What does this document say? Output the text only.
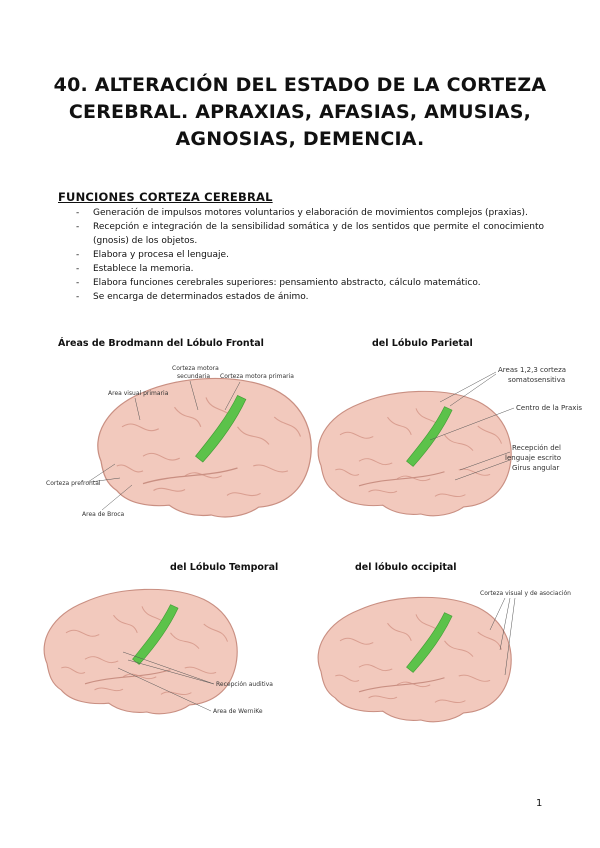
40. ALTERACIÓN DEL ESTADO DE LA CORTEZA
CEREBRAL. APRAXIAS, AFASIAS, AMUSIAS,
AGNOSIAS, DEMENCIA.
FUNCIONES CORTEZA CEREBRAL
- Generación de impulsos motores voluntarios y elaboración de movimientos complejos (praxias).
- Recepción e integración de la sensibilidad somática y de los sentidos que permite el conocimiento (gnosis) de los objetos.
- Elabora y procesa el lenguaje.
- Establece la memoria.
- Elabora funciones cerebrales superiores: pensamiento abstracto, cálculo matemático.
- Se encarga de determinados estados de ánimo.
Áreas de Brodmann del Lóbulo Frontal	del Lóbulo Parietal
del Lóbulo Temporal	del lóbulo occipital
Corteza motora
secundaria Corteza motora primaria
Area visual primaria
Corteza prefrontal
Area de Broca
Areas 1,2,3 corteza
somatosensitiva
Centro de la Praxis
Recepción del
lenguaje escrito
Girus angular
Recepción auditiva
Area de WerniKe
Corteza visual y de asociación
1
